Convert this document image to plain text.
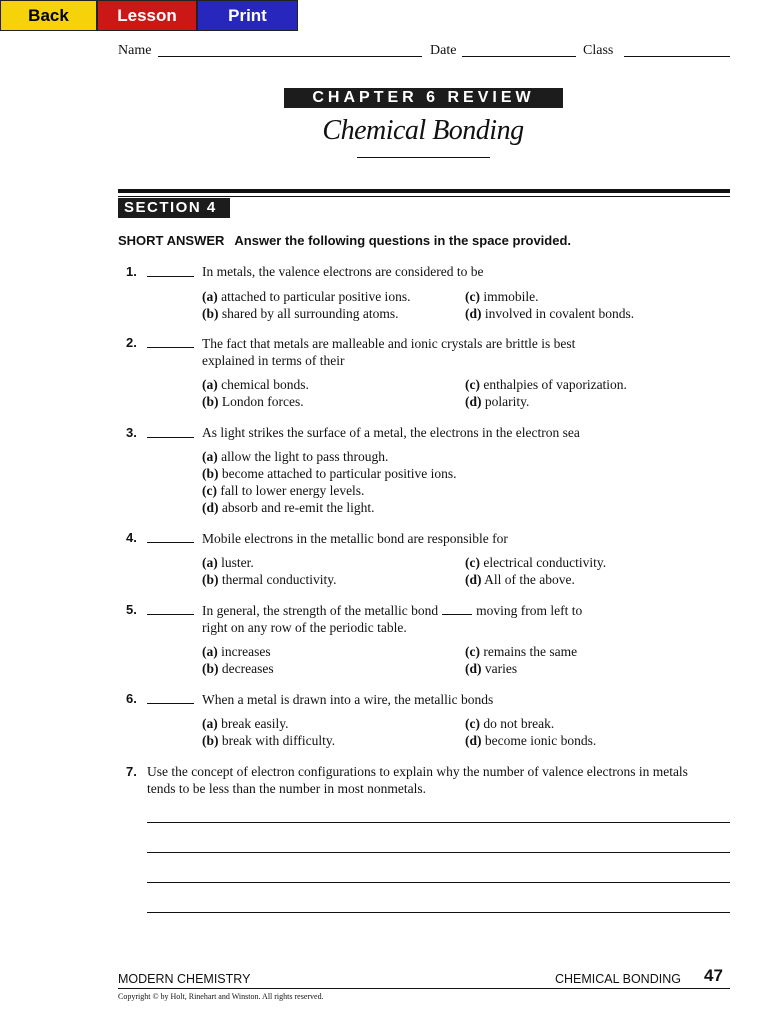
Back	Lesson	Print
Name	Date	Class
CHAPTER 6 REVIEW
Chemical Bonding
SECTION 4
SHORT ANSWER Answer the following questions in the space provided.
1.	In metals, the valence electrons are considered to be
(a) attached to particular positive ions.
(b) shared by all surrounding atoms.
(c) immobile.
(d) involved in covalent bonds.
2.	The fact that metals are malleable and ionic crystals are brittle is best
explained in terms of their
(a) chemical bonds.
(b) London forces.
(c) enthalpies of vaporization.
(d) polarity.
3.	As light strikes the surface of a metal, the electrons in the electron sea
(a) allow the light to pass through.
(b) become attached to particular positive ions.
(c) fall to lower energy levels.
(d) absorb and re-emit the light.
4.	Mobile electrons in the metallic bond are responsible for
(a) luster.
(b) thermal conductivity.
(c) electrical conductivity.
(d) All of the above.
5.	In general, the strength of the metallic bond	moving from left to
right on any row of the periodic table.
(a) increases
(b) decreases
(c) remains the same
(d) varies
6.	When a metal is drawn into a wire, the metallic bonds
(a) break easily.
(b) break with difficulty.
(c) do not break.
(d) become ionic bonds.
7. Use the concept of electron configurations to explain why the number of valence electrons in metals
tends to be less than the number in most nonmetals.
MODERN CHEMISTRY	CHEMICAL BONDING 47
Copyright © by Holt, Rinehart and Winston. All rights reserved.
